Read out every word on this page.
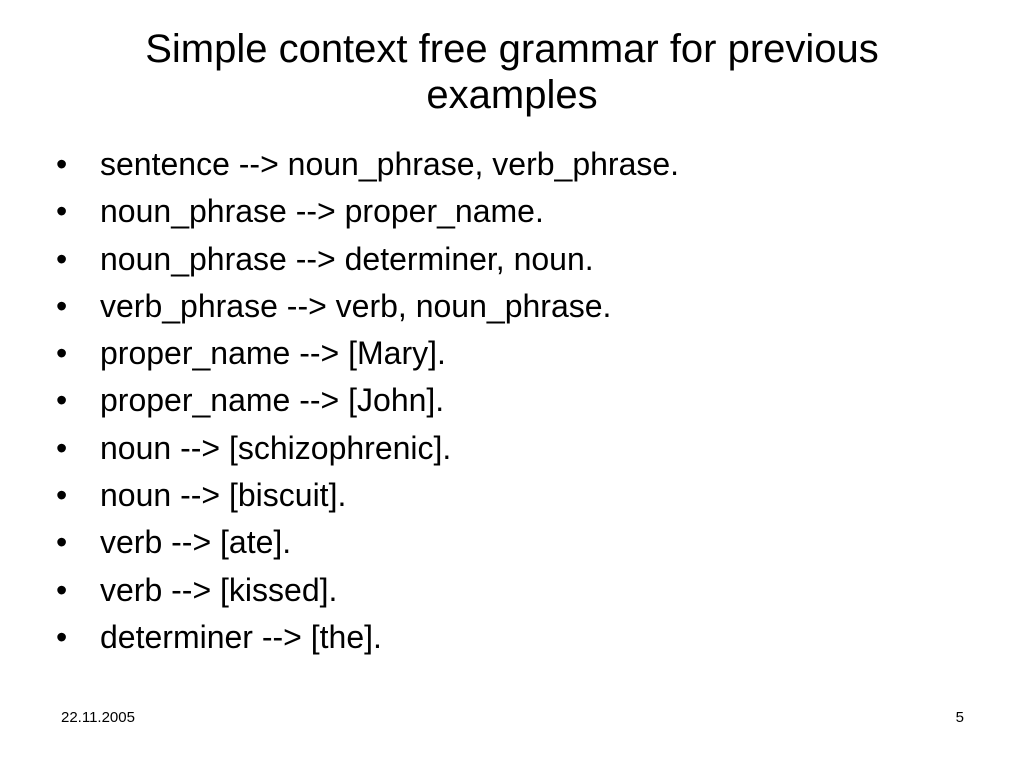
Simple context free grammar for previous examples
•	sentence --> noun_phrase, verb_phrase.
•	noun_phrase --> proper_name.
•	noun_phrase --> determiner, noun.
•	verb_phrase --> verb, noun_phrase.
•	proper_name --> [Mary].
•	proper_name --> [John].
•	noun --> [schizophrenic].
•	noun --> [biscuit].
•	verb --> [ate].
•	verb --> [kissed].
•	determiner --> [the].
22.11.2005	5
